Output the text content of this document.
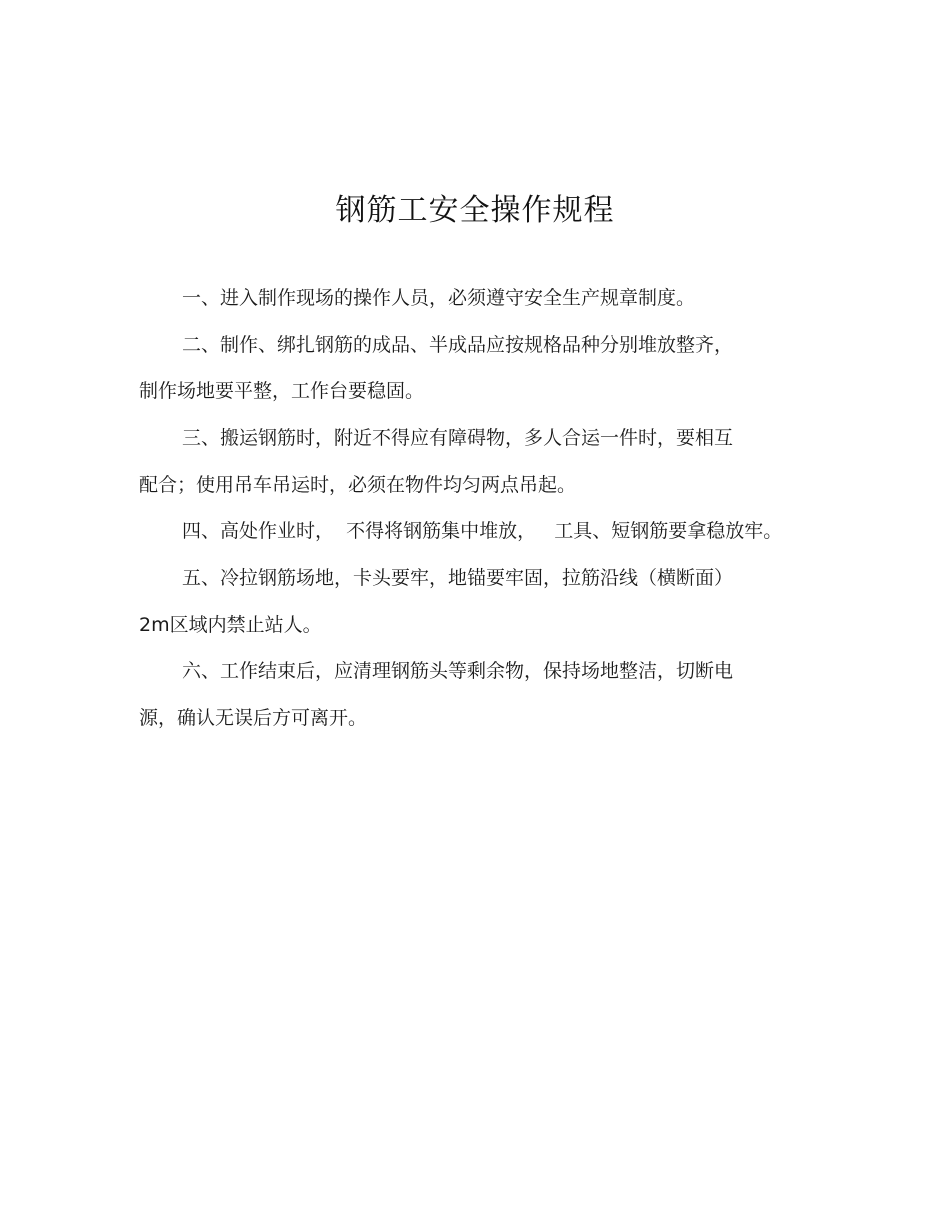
钢筋工安全操作规程
一、进入制作现场的操作人员，必须遵守安全生产规章制度。
二、制作、绑扎钢筋的成品、半成品应按规格品种分别堆放整齐，
制作场地要平整，工作台要稳固。
三、搬运钢筋时，附近不得应有障碍物，多人合运一件时，要相互
配合；使用吊车吊运时，必须在物件均匀两点吊起。
四、高处作业时，  不得将钢筋集中堆放，   工具、短钢筋要拿稳放牢。
五、冷拉钢筋场地，卡头要牢，地锚要牢固，拉筋沿线（横断面）
2m区域内禁止站人。
六、工作结束后，应清理钢筋头等剩余物，保持场地整洁，切断电
源，确认无误后方可离开。
